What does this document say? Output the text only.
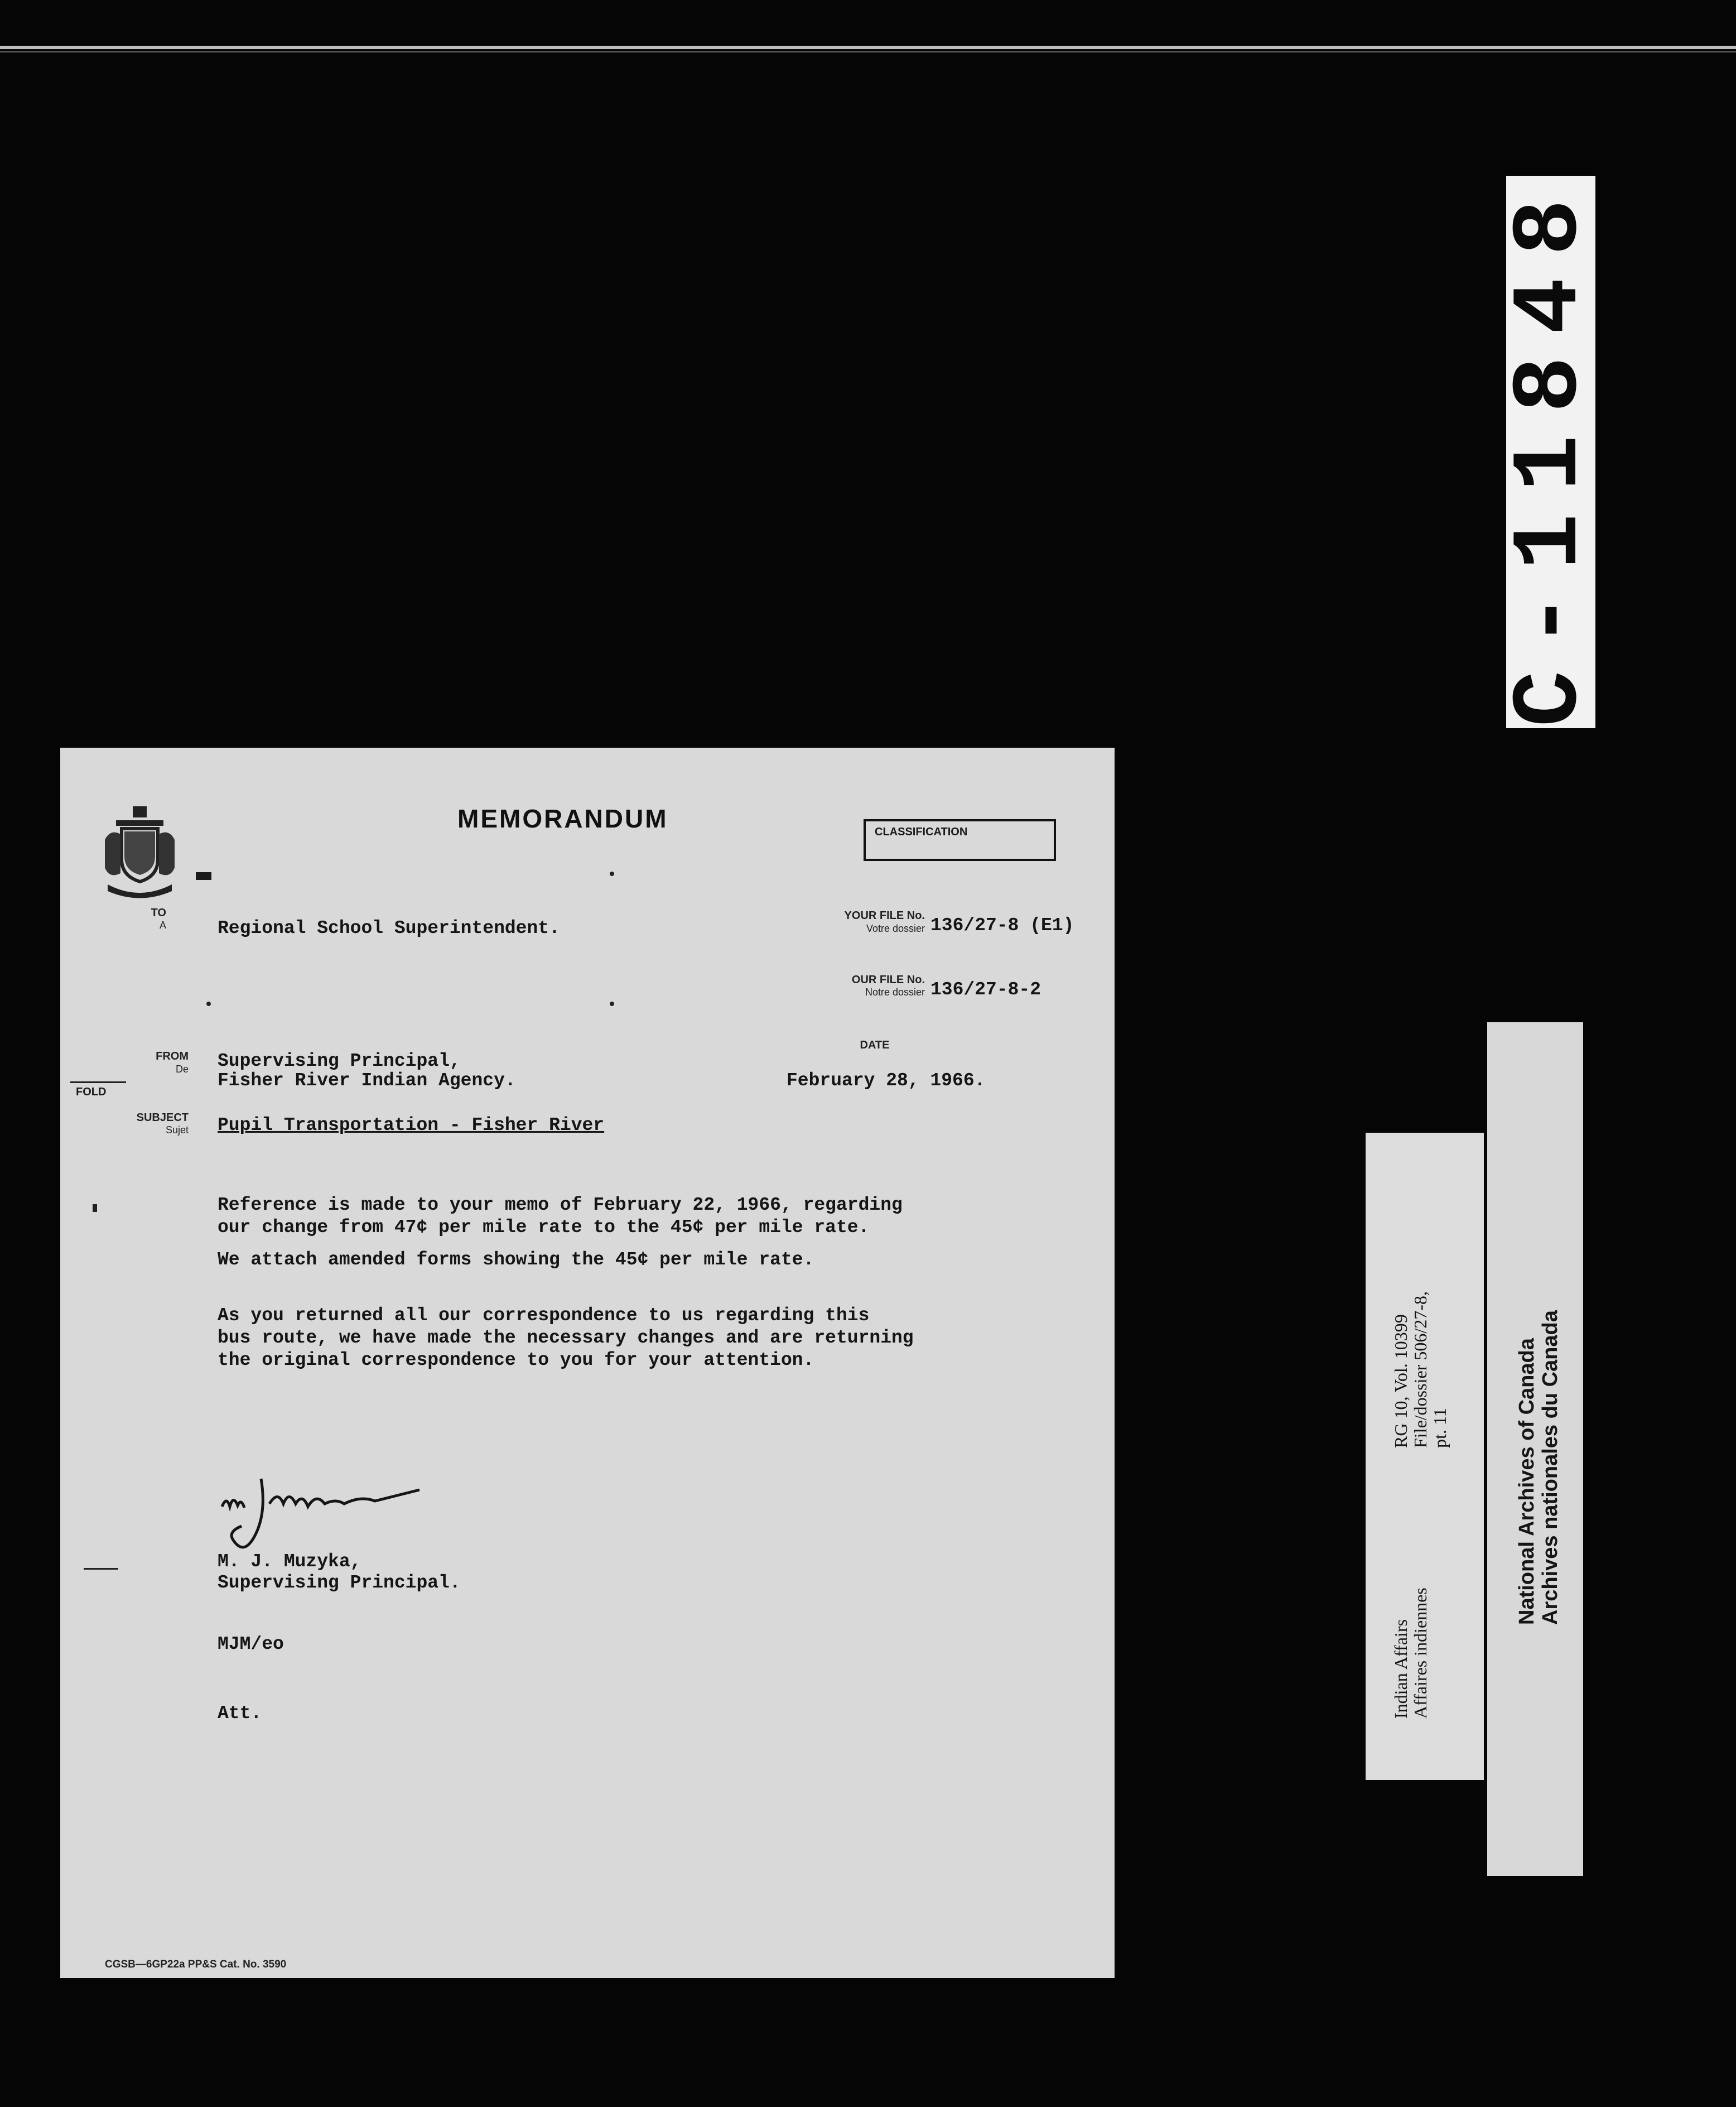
C-11848
MEMORANDUM	CLASSIFICATION
TO
A	Regional School Superintendent.
YOUR FILE No.
Votre dossier 136/27-8 (E1)
OUR FILE No.
Notre dossier 136/27-8-2
DATE
FROM
De Supervising Principal,
Fisher River Indian Agency.	February 28, 1966.
FOLD
SUBJECT
Sujet Pupil Transportation - Fisher River
Reference is made to your memo of February 22, 1966, regarding
our change from 47¢ per mile rate to the 45¢ per mile rate.
We attach amended forms showing the 45¢ per mile rate.
As you returned all our correspondence to us regarding this
bus route, we have made the necessary changes and are returning
the original correspondence to you for your attention.
M. J. Muzyka,
Supervising Principal.
MJM/eo
Att.
CGSB—6GP22a PP&S Cat. No. 3590
Indian Affairs Affaires indiennes
RG 10, Vol. 10399 File/dossier 506/27-8, pt. 11	National Archives of Canada Archives nationales du Canada
